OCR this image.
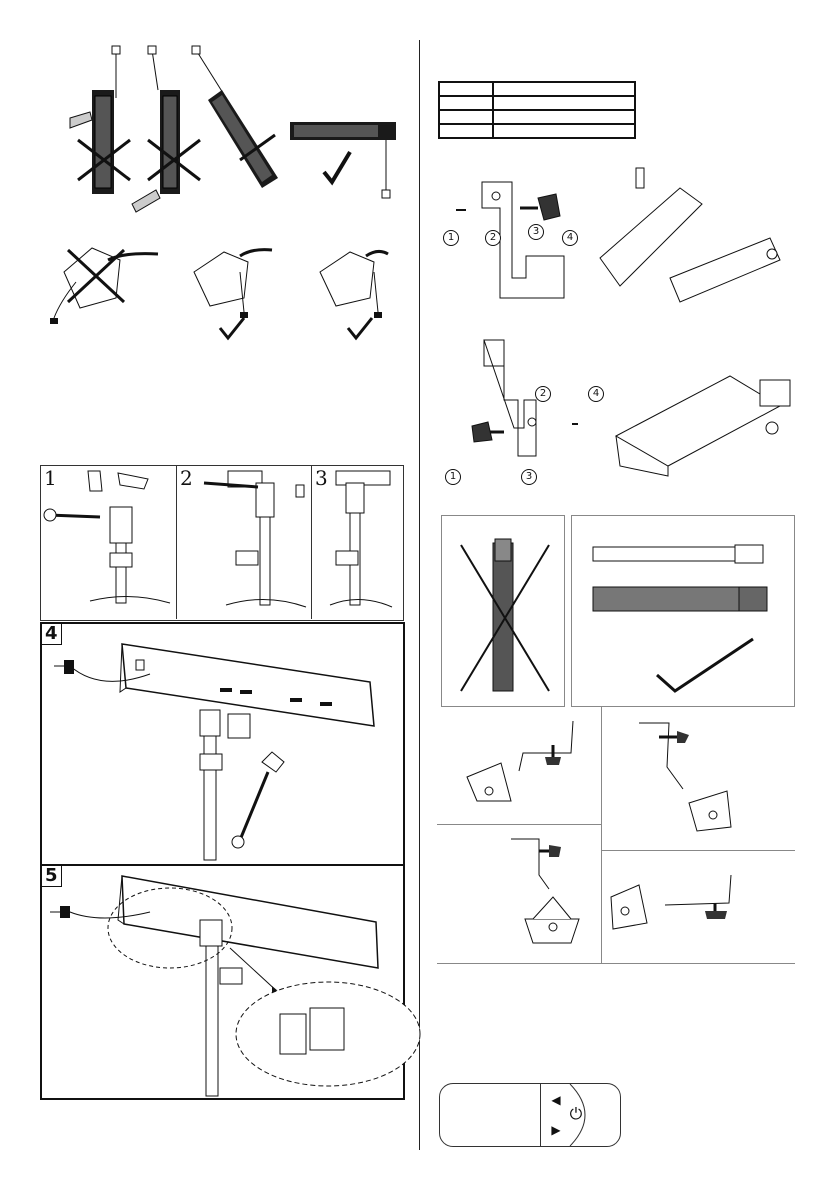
1	2	3
4
5

1	2
3
4
1
2
3
4
◀
▶
⏻
